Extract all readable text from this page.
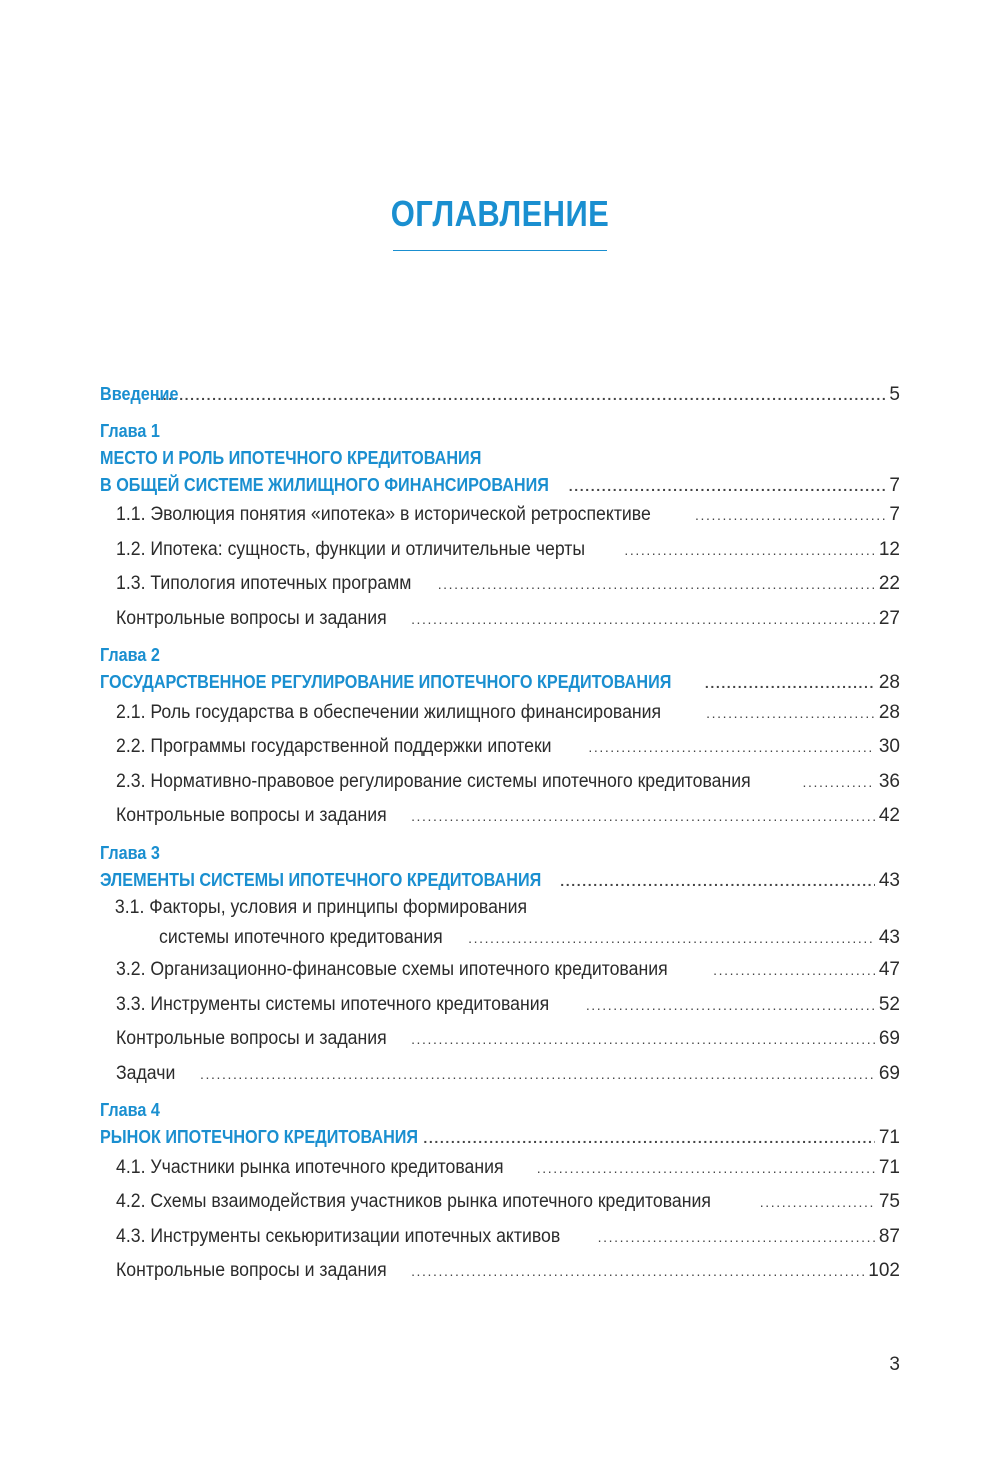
ОГЛАВЛЕНИЕ
Введение .....	5
Глава 1
МЕСТО И РОЛЬ ИПОТЕЧНОГО КРЕДИТОВАНИЯ
В ОБЩЕЙ СИСТЕМЕ ЖИЛИЩНОГО ФИНАНСИРОВАНИЯ .....	7
1.1. Эволюция понятия «ипотека» в исторической ретроспективе .....	7
1.2. Ипотека: сущность, функции и отличительные черты .....	12
1.3. Типология ипотечных программ .....	22
Контрольные вопросы и задания .....	27
Глава 2
ГОСУДАРСТВЕННОЕ РЕГУЛИРОВАНИЕ ИПОТЕЧНОГО КРЕДИТОВАНИЯ .....	28
2.1. Роль государства в обеспечении жилищного финансирования .....	28
2.2. Программы государственной поддержки ипотеки .....	30
2.3. Нормативно-правовое регулирование системы ипотечного кредитования .....	36
Контрольные вопросы и задания .....	42
Глава 3
ЭЛЕМЕНТЫ СИСТЕМЫ ИПОТЕЧНОГО КРЕДИТОВАНИЯ .....	43
3.1. Факторы, условия и принципы формирования
системы ипотечного кредитования .....	43
3.2. Организационно-финансовые схемы ипотечного кредитования .....	47
3.3. Инструменты системы ипотечного кредитования .....	52
Контрольные вопросы и задания .....	69
Задачи .....	69
Глава 4
РЫНОК ИПОТЕЧНОГО КРЕДИТОВАНИЯ .....	71
4.1. Участники рынка ипотечного кредитования .....	71
4.2. Схемы взаимодействия участников рынка ипотечного кредитования .....	75
4.3. Инструменты секьюритизации ипотечных активов .....	87
Контрольные вопросы и задания .....	102
3
